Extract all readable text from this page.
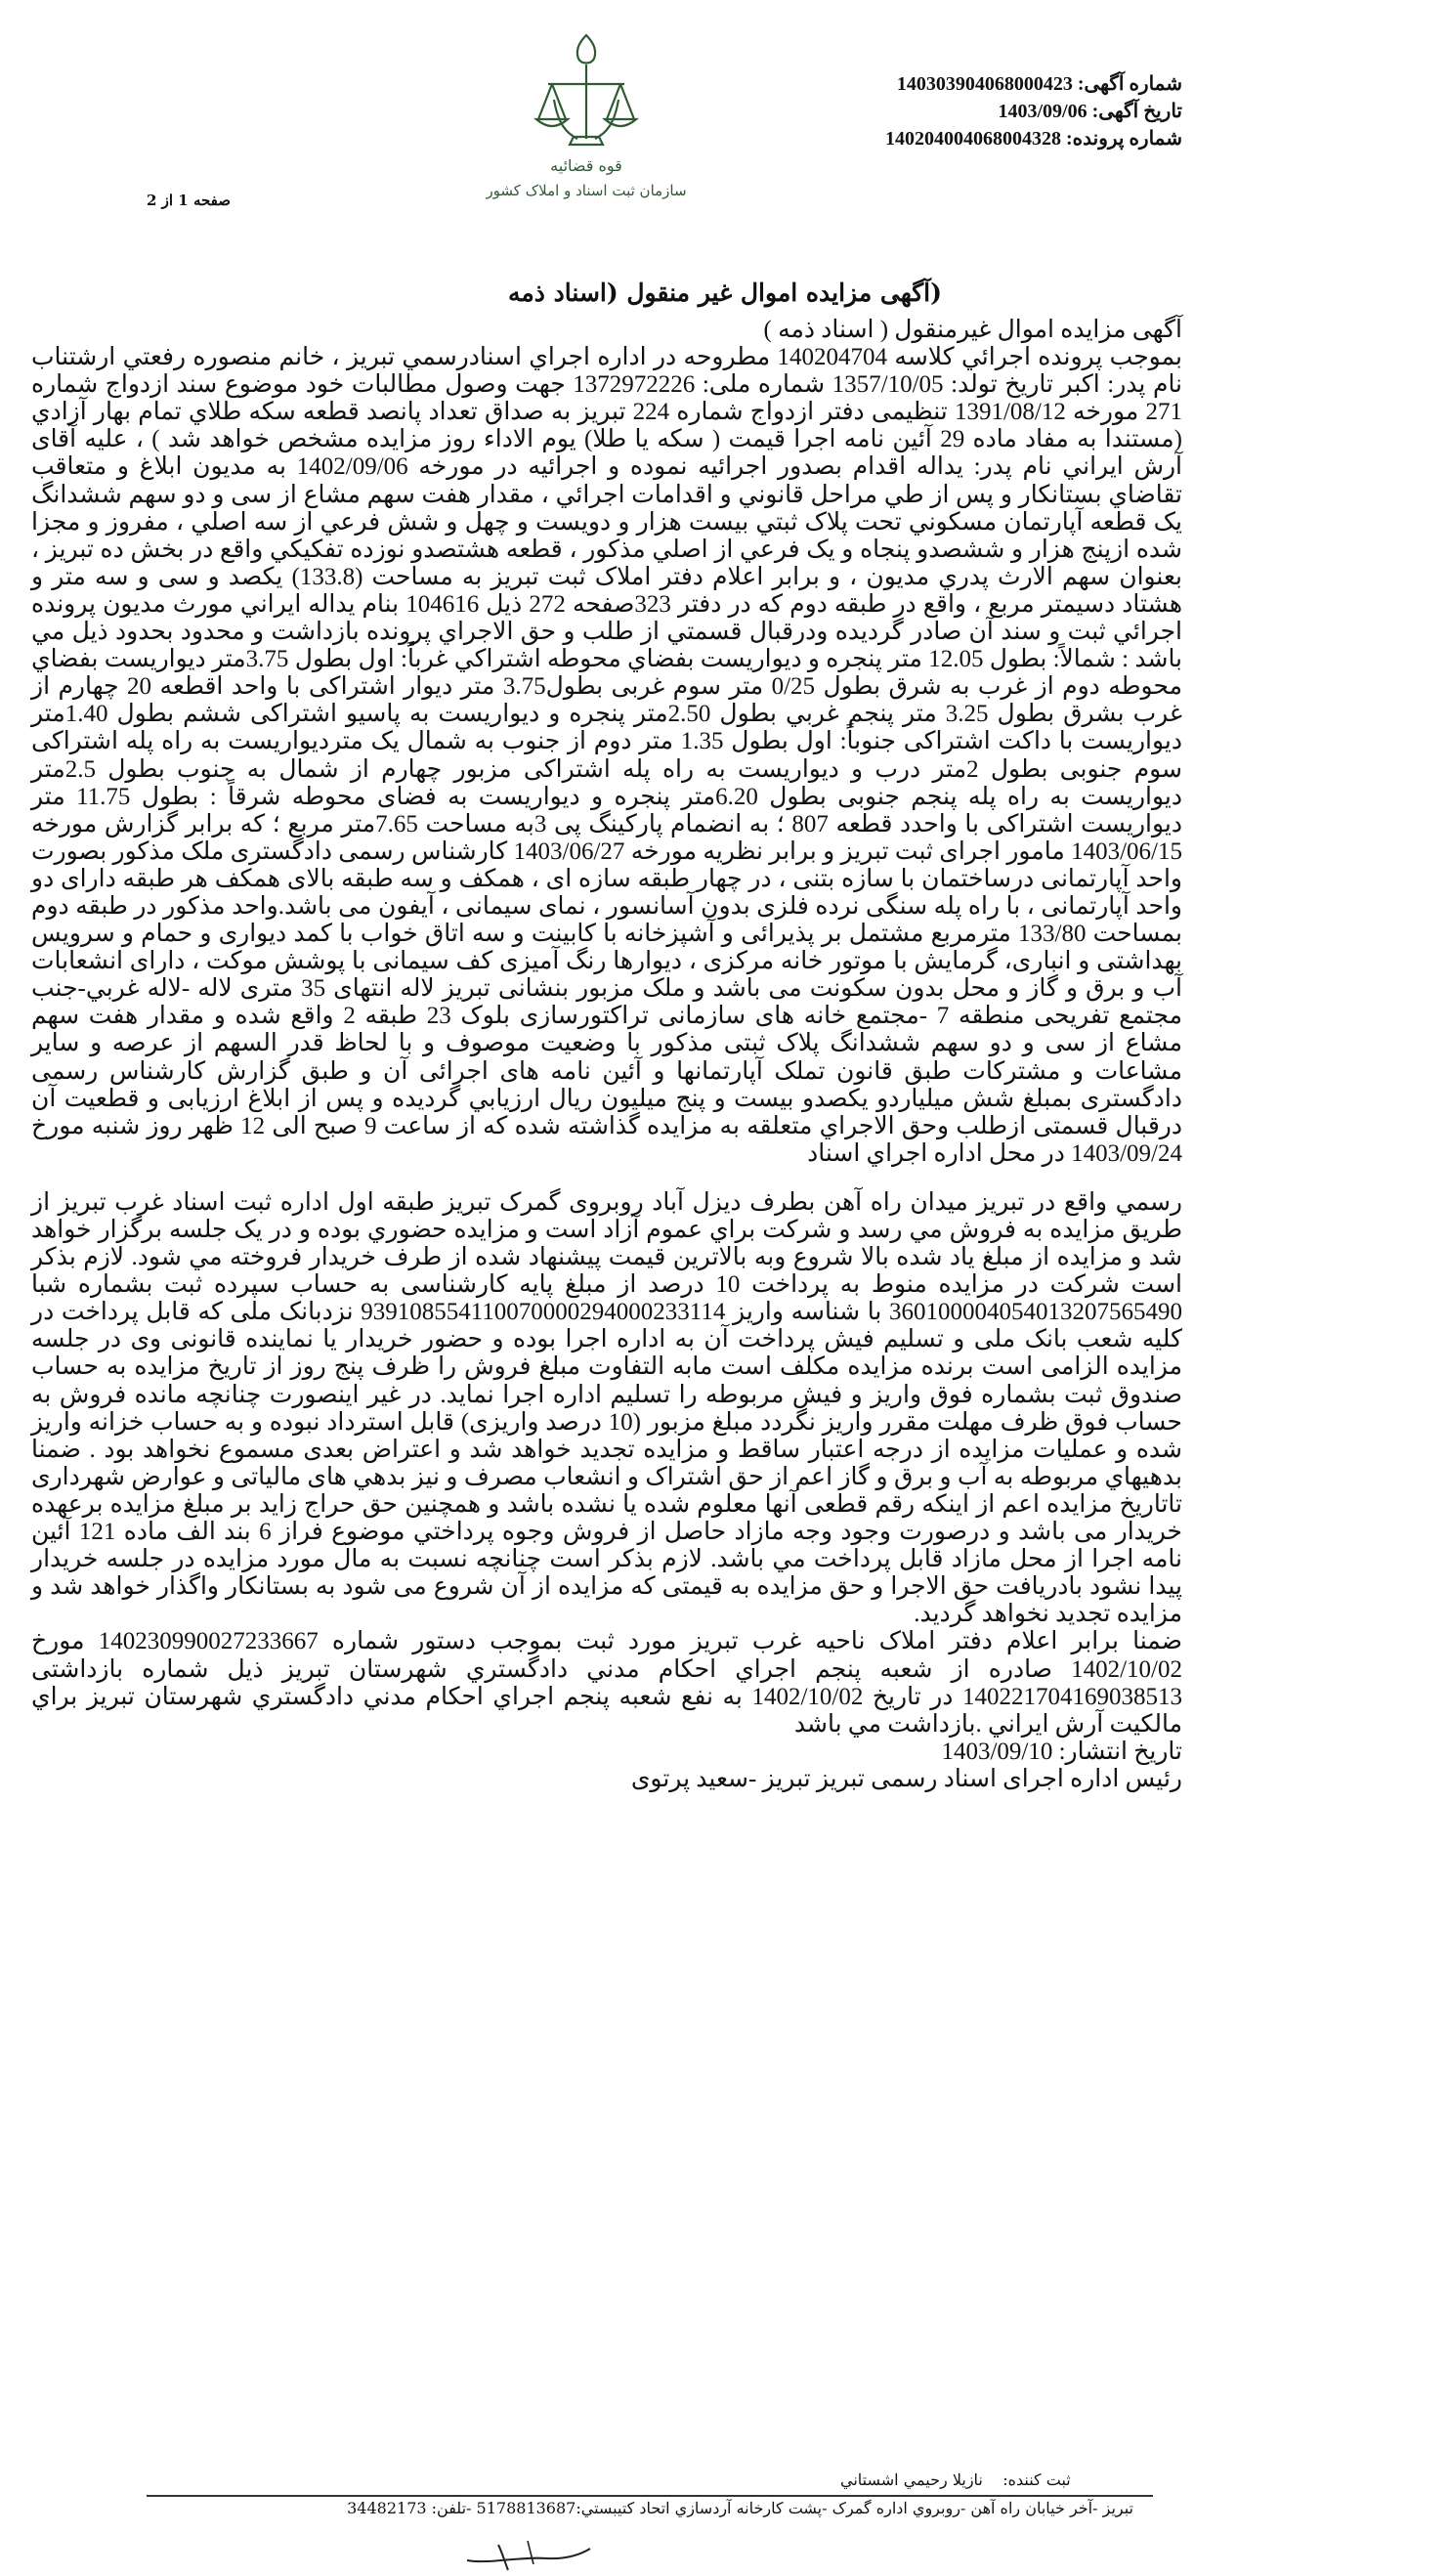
قوه قضائیه
سازمان ثبت اسناد و املاک کشور
شماره آگهی: 140303904068000423
تاریخ آگهی: 1403/09/06
شماره پرونده: 140204004068004328
صفحه 1 از 2
(آگهی مزایده اموال غیر منقول (اسناد ذمه

آگهی مزایده اموال غیرمنقول ( اسناد ذمه )

بموجب پرونده اجرائي کلاسه 140204704 مطروحه در اداره اجراي اسنادرسمي تبريز ، خانم منصوره رفعتي ارشتناب نام پدر: اکبر تاريخ تولد: 1357/10/05 شماره ملی: 1372972226 جهت وصول مطالبات خود موضوع سند ازدواج شماره 271 مورخه 1391/08/12 تنظيمی دفتر ازدواج شماره 224 تبريز به صداق تعداد پانصد قطعه سکه طلاي تمام بهار آزادي (مستندا به مفاد ماده 29 آئين نامه اجرا قيمت ( سکه يا طلا) يوم الاداء روز مزايده مشخص خواهد شد ) ، علیه آقای آرش ايراني نام پدر: يداله اقدام بصدور اجرائيه نموده و اجرائيه در مورخه 1402/09/06 به مديون ابلاغ و متعاقب تقاضاي بستانکار و پس از طي مراحل قانوني و اقدامات اجرائي ، مقدار هفت سهم مشاع از سی و دو سهم ششدانگ يک قطعه آپارتمان مسکوني تحت پلاک ثبتي بيست هزار و دويست و چهل و شش فرعي از سه اصلي ، مفروز و مجزا شده ازپنج هزار و ششصدو پنجاه و يک فرعي از اصلي مذکور ، قطعه هشتصدو نوزده تفکيکي واقع در بخش ده تبريز ، بعنوان سهم الارث پدري مديون ، و برابر اعلام دفتر املاک ثبت تبريز به مساحت (133.8) يکصد و سی و سه متر و هشتاد دسيمتر مربع ، واقع در طبقه دوم که در دفتر 323صفحه 272 ذيل 104616 بنام يداله ايراني مورث مديون پرونده اجرائي ثبت و سند آن صادر گرديده ودرقبال قسمتي از طلب و حق الاجراي پرونده بازداشت و محدود بحدود ذيل مي باشد : شمالاً: بطول 12.05 متر پنجره و ديواريست بفضاي محوطه اشتراکي غرباً: اول بطول 3.75متر ديواريست بفضاي محوطه دوم از غرب به شرق بطول 0/25 متر سوم غربی بطول3.75 متر ديوار اشتراکی با واحد اقطعه 20 چهارم از غرب بشرق بطول 3.25 متر پنجم غربي بطول 2.50متر پنجره و ديواريست به پاسيو اشتراکی ششم بطول 1.40متر ديواريست با داکت اشتراکی جنوباً: اول بطول 1.35 متر دوم از جنوب به شمال يک مترديواريست به راه پله اشتراکی سوم جنوبی بطول 2متر درب و ديواريست به راه پله اشتراکی مزبور چهارم از شمال به جنوب بطول 2.5متر ديواريست به راه پله پنجم جنوبی بطول 6.20متر پنجره و ديواريست به فضای محوطه شرقاً : بطول 11.75 متر ديواريست اشتراکی با واحدد قطعه 807 ؛ به انضمام پارکينگ پی 3به مساحت 7.65متر مربع ؛ که برابر گزارش مورخه 1403/06/15 مامور اجرای ثبت تبريز و برابر نظريه مورخه 1403/06/27 کارشناس رسمی دادگستری ملک مذکور بصورت واحد آپارتمانی درساختمان با سازه بتنی ، در چهار طبقه سازه ای ، همکف و سه طبقه بالای همکف هر طبقه دارای دو واحد آپارتمانی ، با راه پله سنگی نرده فلزی بدون آسانسور ، نمای سيمانی ، آيفون می باشد.واحد مذکور در طبقه دوم بمساحت 133/80 مترمربع مشتمل بر پذيرائی و آشپزخانه با کابينت و سه اتاق خواب با کمد ديواری و حمام و سرويس بهداشتی و انباری، گرمايش با موتور خانه مرکزی ، ديوارها رنگ آميزی کف سيمانی با پوشش موکت ، دارای انشعابات آب و برق و گاز و محل بدون سکونت می باشد و ملک مزبور بنشانی تبريز لاله انتهای 35 متری لاله -لاله غربي-جنب مجتمع تفريحی منطقه 7 -مجتمع خانه های سازمانی تراکتورسازی بلوک 23 طبقه 2 واقع شده و مقدار هفت سهم مشاع از سی و دو سهم ششدانگ پلاک ثبتی مذکور با وضعيت موصوف و با لحاظ قدر السهم از عرصه و ساير مشاعات و مشترکات طبق قانون تملک آپارتمانها و آئين نامه های اجرائی آن و طبق گزارش کارشناس رسمی دادگستری بمبلغ شش ميلياردو يکصدو بيست و پنج ميليون ريال ارزيابي گرديده و پس از ابلاغ ارزيابی و قطعيت آن درقبال قسمتی ازطلب وحق الاجراي متعلقه به مزايده گذاشته شده که از ساعت 9 صبح الی 12 ظهر روز شنبه مورخ 1403/09/24 در محل اداره اجراي اسناد

رسمي واقع در تبريز ميدان راه آهن بطرف ديزل آباد روبروی گمرک تبريز طبقه اول اداره ثبت اسناد غرب تبريز از طريق مزايده به فروش مي رسد و شرکت براي عموم آزاد است و مزايده حضوري بوده و در يک جلسه برگزار خواهد شد و مزايده از مبلغ ياد شده بالا شروع وبه بالاترين قيمت پيشنهاد شده از طرف خريدار فروخته مي شود. لازم بذکر است شرکت در مزايده منوط به پرداخت 10 درصد از مبلغ پايه کارشناسی به حساب سپرده ثبت بشماره شبا 360100004054013207565490 با شناسه واريز 939108554110070000294000233114 نزدبانک ملی که قابل پرداخت در کليه شعب بانک ملی و تسليم فيش پرداخت آن به اداره اجرا بوده و حضور خريدار يا نماينده قانونی وی در جلسه مزايده الزامی است برنده مزايده مکلف است مابه التفاوت مبلغ فروش را ظرف پنج روز از تاريخ مزايده به حساب صندوق ثبت بشماره فوق واريز و فيش مربوطه را تسليم اداره اجرا نمايد. در غير اينصورت چنانچه مانده فروش به حساب فوق ظرف مهلت مقرر واريز نگردد مبلغ مزبور (10 درصد واريزی) قابل استرداد نبوده و به حساب خزانه واريز شده و عمليات مزايده از درجه اعتبار ساقط و مزايده تجديد خواهد شد و اعتراض بعدی مسموع نخواهد بود . ضمنا بدهيهاي مربوطه به آب و برق و گاز اعم از حق اشتراک و انشعاب مصرف و نيز بدهي های مالياتی و عوارض شهرداری تاتاريخ مزايده اعم از اينکه رقم قطعی آنها معلوم شده يا نشده باشد و همچنين حق حراج زايد بر مبلغ مزايده برعهده خريدار می باشد و درصورت وجود وجه مازاد حاصل از فروش وجوه پرداختي موضوع فراز 6 بند الف ماده 121 آئين نامه اجرا از محل مازاد قابل پرداخت مي باشد. لازم بذکر است چنانچه نسبت به مال مورد مزايده در جلسه خريدار پيدا نشود بادريافت حق الاجرا و حق مزايده به قيمتی که مزايده از آن شروع می شود به بستانکار واگذار خواهد شد و مزايده تجديد نخواهد گرديد.

ضمنا برابر اعلام دفتر املاک ناحيه غرب تبريز مورد ثبت بموجب دستور شماره 140230990027233667 مورخ 1402/10/02 صادره از شعبه پنجم اجراي احکام مدني دادگستري شهرستان تبريز ذيل شماره بازداشتی 140221704169038513 در تاريخ 1402/10/02 به نفع شعبه پنجم اجراي احکام مدني دادگستري شهرستان تبريز براي مالکيت آرش ايراني .بازداشت مي باشد

تاريخ انتشار: 1403/09/10

رئيس اداره اجرای اسناد رسمی تبريز تبريز -سعيد پرتوی

ثبت کننده:    نازيلا رحيمي اشستاني
تبريز -آخر خيابان راه آهن -روبروي اداره گمرک -پشت کارخانه آردسازي اتحاد کتيبستي:5178813687 -تلفن: 34482173
